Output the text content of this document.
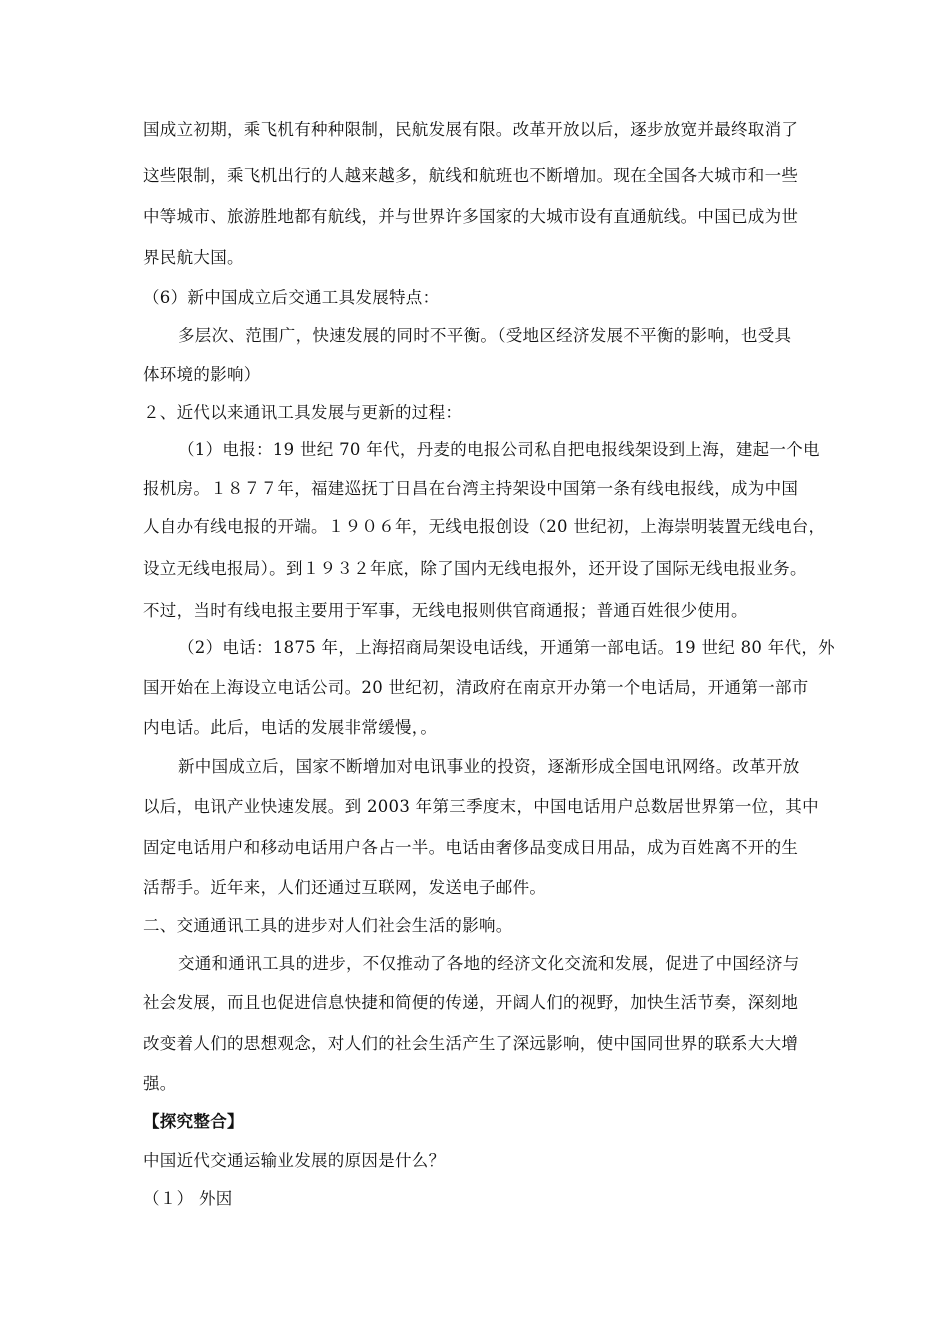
国成立初期，乘飞机有种种限制，民航发展有限。改革开放以后，逐步放宽并最终取消了
这些限制，乘飞机出行的人越来越多，航线和航班也不断增加。现在全国各大城市和一些
中等城市、旅游胜地都有航线，并与世界许多国家的大城市设有直通航线。中国已成为世
界民航大国。
（6）新中国成立后交通工具发展特点：
多层次、范围广，快速发展的同时不平衡。（受地区经济发展不平衡的影响，也受具
体环境的影响）
２、近代以来通讯工具发展与更新的过程：
（1）电报：19 世纪 70 年代，丹麦的电报公司私自把电报线架设到上海，建起一个电
报机房。１８７７年，福建巡抚丁日昌在台湾主持架设中国第一条有线电报线，成为中国
人自办有线电报的开端。１９０６年，无线电报创设（20 世纪初，上海崇明装置无线电台，
设立无线电报局）。到１９３２年底，除了国内无线电报外，还开设了国际无线电报业务。
不过，当时有线电报主要用于军事，无线电报则供官商通报；普通百姓很少使用。
（2）电话：1875 年，上海招商局架设电话线，开通第一部电话。19 世纪 80 年代，外
国开始在上海设立电话公司。20 世纪初，清政府在南京开办第一个电话局，开通第一部市
内电话。此后，电话的发展非常缓慢，。
新中国成立后，国家不断增加对电讯事业的投资，逐渐形成全国电讯网络。改革开放
以后，电讯产业快速发展。到 2003 年第三季度末，中国电话用户总数居世界第一位，其中
固定电话用户和移动电话用户各占一半。电话由奢侈品变成日用品，成为百姓离不开的生
活帮手。近年来，人们还通过互联网，发送电子邮件。
二、交通通讯工具的进步对人们社会生活的影响。
交通和通讯工具的进步，不仅推动了各地的经济文化交流和发展，促进了中国经济与
社会发展，而且也促进信息快捷和简便的传递，开阔人们的视野，加快生活节奏，深刻地
改变着人们的思想观念，对人们的社会生活产生了深远影响，使中国同世界的联系大大增
强。
【探究整合】
中国近代交通运输业发展的原因是什么？
（１） 外因
